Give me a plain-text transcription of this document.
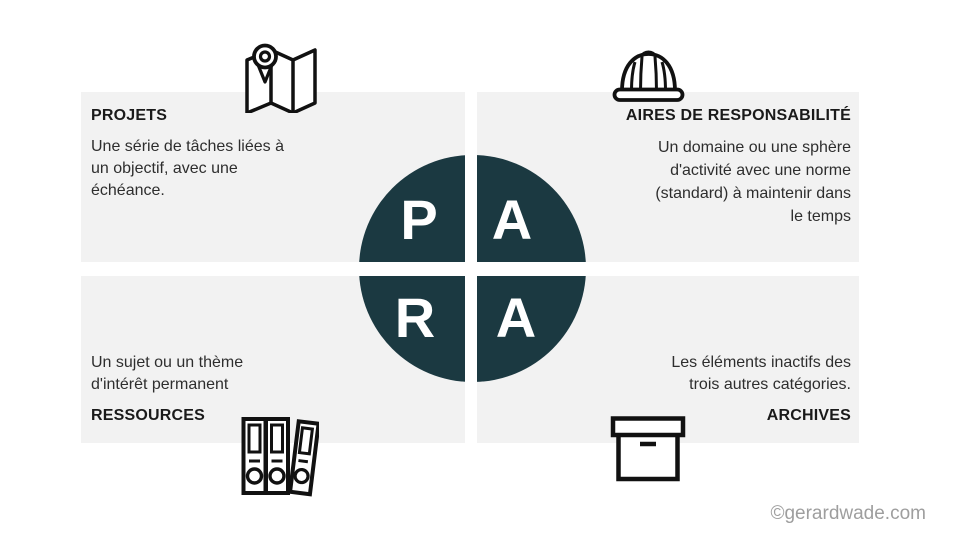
PROJETS

Une série de tâches liées à
un objectif, avec une
échéance.

AIRES DE RESPONSABILITÉ

Un domaine ou une sphère
d'activité avec une norme
(standard) à maintenir dans
le temps

Un sujet ou un thème
d'intérêt permanent

RESSOURCES

Les éléments inactifs des
trois autres catégories.

ARCHIVES
P A
R A
©gerardwade.com
